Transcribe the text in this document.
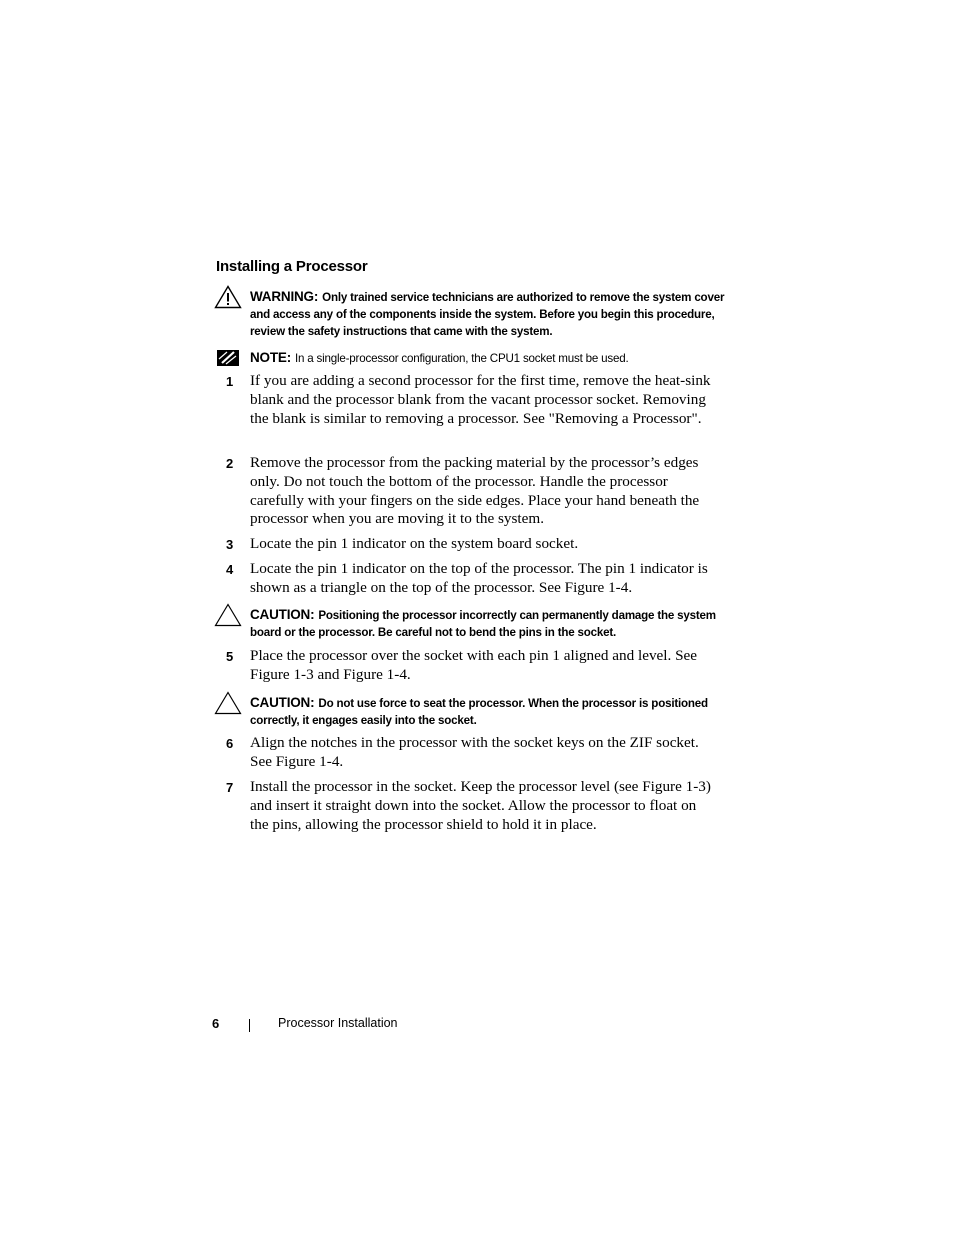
Installing a Processor
WARNING: Only trained service technicians are authorized to remove the system cover and access any of the components inside the system. Before you begin this procedure, review the safety instructions that came with the system.
NOTE: In a single-processor configuration, the CPU1 socket must be used.
1 If you are adding a second processor for the first time, remove the heat-sink blank and the processor blank from the vacant processor socket. Removing the blank is similar to removing a processor. See "Removing a Processor".
2 Remove the processor from the packing material by the processor’s edges only. Do not touch the bottom of the processor. Handle the processor carefully with your fingers on the side edges. Place your hand beneath the processor when you are moving it to the system.
3 Locate the pin 1 indicator on the system board socket.
4 Locate the pin 1 indicator on the top of the processor. The pin 1 indicator is shown as a triangle on the top of the processor. See Figure 1-4.
CAUTION: Positioning the processor incorrectly can permanently damage the system board or the processor. Be careful not to bend the pins in the socket.
5 Place the processor over the socket with each pin 1 aligned and level. See Figure 1-3 and Figure 1-4.
CAUTION: Do not use force to seat the processor. When the processor is positioned correctly, it engages easily into the socket.
6 Align the notches in the processor with the socket keys on the ZIF socket. See Figure 1-4.
7 Install the processor in the socket. Keep the processor level (see Figure 1-3) and insert it straight down into the socket. Allow the processor to float on the pins, allowing the processor shield to hold it in place.
6	Processor Installation
